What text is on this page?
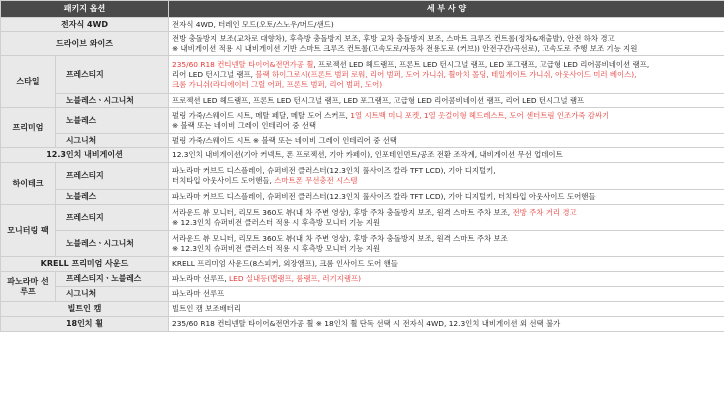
패키지 옵션		세 부 사 양
전자식 4WD		전자식 4WD, 터레인 모드(오토/스노우/머드/샌드)
드라이브 와이즈		전방 충돌방지 보조(교차로 대향차), 후측방 충돌방지 보조, 후방 교차 충돌방지 보조, 스마트 크루즈 컨트롤(정차&재출발), 안전 하차 경고
※ 내비게이션 적용 시 내비게이션 기반 스마트 크루즈 컨트롤(고속도로/자동차 전용도로 (커브)) 안전구간/곡선로), 고속도로 주행 보조 기능 지원

스타일	프레스티지	235/60 R18 컨티넨탈 타이어&전면가공 휠, 프로젝션 LED 헤드램프, 프론트 LED 턴시그널 램프, LED 포그램프, 고급형 LED 리어콤비네이션 램프,
리어 LED 턴시그널 램프, 블랙 하이그로시(프론트 범퍼 로워, 리어 범퍼, 도어 가니쉬, 휠아치 몰딩, 테일게이트 가니쉬, 아웃사이드 미러 베이스),
크롬 가니쉬(라디에이터 그릴 어퍼, 프론트 범퍼, 리어 범퍼, 도어)

	노블레스ㆍ시그니처	프로젝션 LED 헤드램프, 프론트 LED 턴시그널 램프, LED 포그램프, 고급형 LED 리어콤비네이션 램프, 리어 LED 턴시그널 램프
프리미엄	노블레스	펄링 가죽/스웨이드 시트, 메탈 페달, 메탈 도어 스커프, 1열 시트백 미니 포켓, 1열 옷걸이형 헤드레스트, 도어 센터트림 인조가죽 감싸기
※ 블랙 또는 네이비 그레이 인테리어 중 선택

	시그니처	펄링 가죽/스웨이드 시트 ※ 블랙 또는 네이비 그레이 인테리어 중 선택
12.3인치 내비게이션		12.3인치 내비게이션(기아 커넥트, 폰 프로젝션, 기아 카페이), 인포테인먼트/공조 전환 조작계, 내비게이션 무선 업데이트
하이테크	프레스티지	파노라마 커브드 디스플레이, 슈퍼비전 클러스터(12.3인치 풀사이즈 칼라 TFT LCD), 기아 디지털키,
터치타입 아웃사이드 도어핸들, 스마트폰 무선충전 시스템

	노블레스	파노라마 커브드 디스플레이, 슈퍼비전 클러스터(12.3인치 풀사이즈 칼라 TFT LCD), 기아 디지털키, 터치타입 아웃사이드 도어핸들
모니터링 팩	프레스티지	서라운드 뷰 모니터, 리모트 360도 뷰(내 차 주변 영상), 후방 주차 충돌방지 보조, 원격 스마트 주차 보조, 전방 주차 거리 경고
※ 12.3인치 슈퍼비전 클러스터 적용 시 후측방 모니터 기능 지원

	노블레스ㆍ시그니처	서라운드 뷰 모니터, 리모트 360도 뷰(내 차 주변 영상), 후방 주차 충돌방지 보조, 원격 스마트 주차 보조
※ 12.3인치 슈퍼비전 클러스터 적용 시 후측방 모니터 기능 지원

KRELL 프리미엄 사운드		KRELL 프리미엄 사운드(8스피커, 외장앰프), 크롬 인사이드 도어 핸들
파노라마 선루프	프레스티지ㆍ노블레스	파노라마 선루프, LED 실내등(맵램프, 룸램프, 러기지램프)
	시그니처	파노라마 선루프
빌트인 캠		빌트인 캠 보조배터리
18인치 휠		235/60 R18 컨티넨탈 타이어&전면가공 휠 ※ 18인치 휠 단독 선택 시 전자식 4WD, 12.3인치 내비게이션 외 선택 불가
